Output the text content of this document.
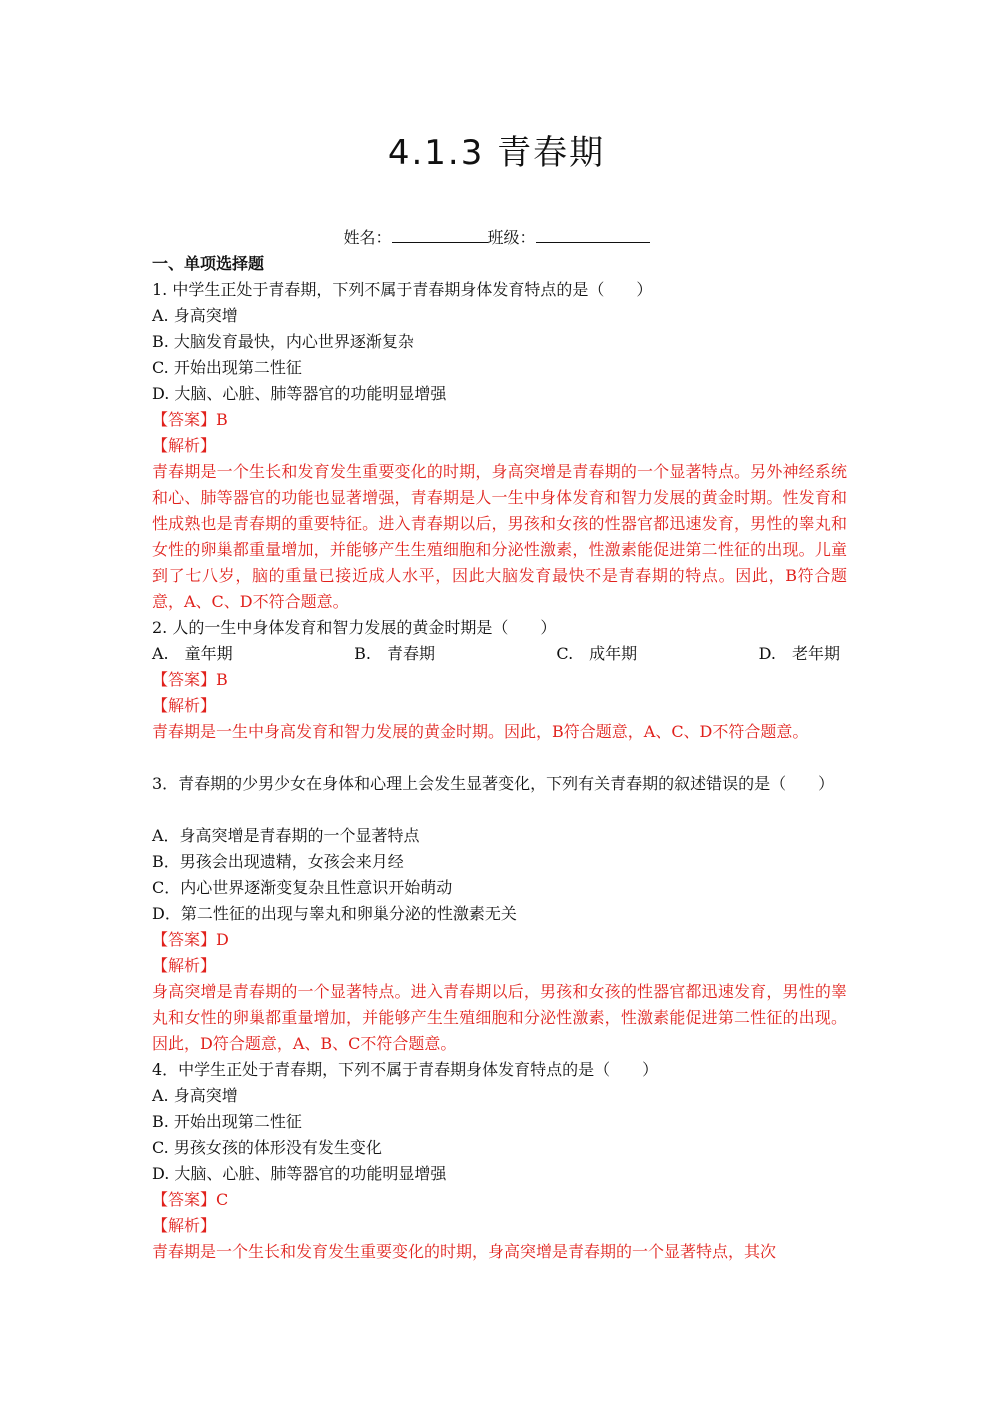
4.1.3 青春期
姓名：	班级：
一、单项选择题
1. 中学生正处于青春期，下列不属于青春期身体发育特点的是（　　）
A. 身高突增
B. 大脑发育最快，内心世界逐渐复杂
C. 开始出现第二性征
D. 大脑、心脏、肺等器官的功能明显增强
【答案】B
【解析】
青春期是一个生长和发育发生重要变化的时期，身高突增是青春期的一个显著特点。另外神经系统和心、肺等器官的功能也显著增强，青春期是人一生中身体发育和智力发展的黄金时期。性发育和性成熟也是青春期的重要特征。进入青春期以后，男孩和女孩的性器官都迅速发育，男性的睾丸和女性的卵巢都重量增加，并能够产生生殖细胞和分泌性激素，性激素能促进第二性征的出现。儿童到了七八岁，脑的重量已接近成人水平，因此大脑发育最快不是青春期的特点。因此，B符合题意，A、C、D不符合题意。
2. 人的一生中身体发育和智力发展的黄金时期是（　　）
A.　童年期	B.　青春期	C.　成年期	D.　老年期
【答案】B
【解析】
青春期是一生中身高发育和智力发展的黄金时期。因此，B符合题意，A、C、D不符合题意。
3．青春期的少男少女在身体和心理上会发生显著变化，下列有关青春期的叙述错误的是（　　）
A．身高突增是青春期的一个显著特点
B．男孩会出现遗精，女孩会来月经
C．内心世界逐渐变复杂且性意识开始萌动
D．第二性征的出现与睾丸和卵巢分泌的性激素无关
【答案】D
【解析】
身高突增是青春期的一个显著特点。进入青春期以后，男孩和女孩的性器官都迅速发育，男性的睾丸和女性的卵巢都重量增加，并能够产生生殖细胞和分泌性激素，性激素能促进第二性征的出现。因此，D符合题意，A、B、C不符合题意。
4．中学生正处于青春期，下列不属于青春期身体发育特点的是（　　）
A. 身高突增
B. 开始出现第二性征
C. 男孩女孩的体形没有发生变化
D. 大脑、心脏、肺等器官的功能明显增强
【答案】C
【解析】
青春期是一个生长和发育发生重要变化的时期，身高突增是青春期的一个显著特点，其次
